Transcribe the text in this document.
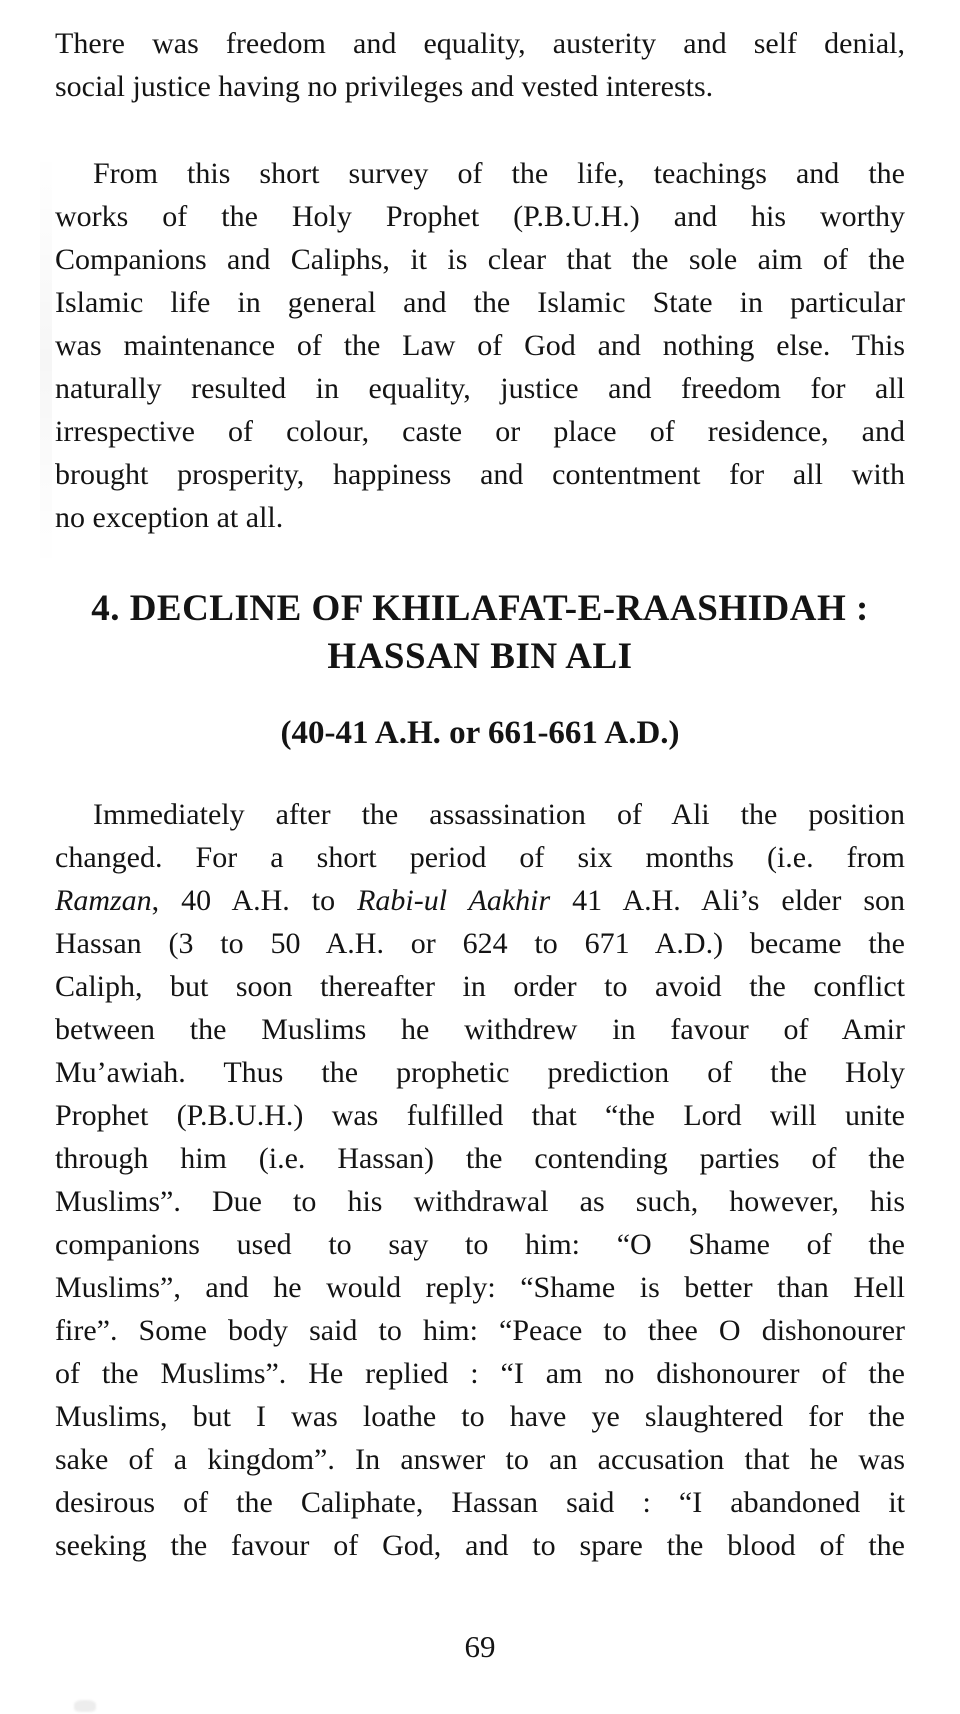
There was freedom and equality, austerity and self denial,
social justice having no privileges and vested interests.
From this short survey of the life, teachings and the
works of the Holy Prophet (P.B.U.H.) and his worthy
Companions and Caliphs, it is clear that the sole aim of the
Islamic life in general and the Islamic State in particular
was maintenance of the Law of God and nothing else. This
naturally resulted in equality, justice and freedom for all
irrespective of colour, caste or place of residence, and
brought prosperity, happiness and contentment for all with
no exception at all.
4. DECLINE OF KHILAFAT-E-RAASHIDAH :
HASSAN BIN ALI
(40-41 A.H. or 661-661 A.D.)
Immediately after the assassination of Ali the position
changed. For a short period of six months (i.e. from
Ramzan, 40 A.H. to Rabi-ul Aakhir 41 A.H. Ali’s elder son
Hassan (3 to 50 A.H. or 624 to 671 A.D.) became the
Caliph, but soon thereafter in order to avoid the conflict
between the Muslims he withdrew in favour of Amir
Mu’awiah. Thus the prophetic prediction of the Holy
Prophet (P.B.U.H.) was fulfilled that “the Lord will unite
through him (i.e. Hassan) the contending parties of the
Muslims”. Due to his withdrawal as such, however, his
companions used to say to him: “O Shame of the
Muslims”, and he would reply: “Shame is better than Hell
fire”. Some body said to him: “Peace to thee O dishonourer
of the Muslims”. He replied : “I am no dishonourer of the
Muslims, but I was loathe to have ye slaughtered for the
sake of a kingdom”. In answer to an accusation that he was
desirous of the Caliphate, Hassan said : “I abandoned it
seeking the favour of God, and to spare the blood of the
69
